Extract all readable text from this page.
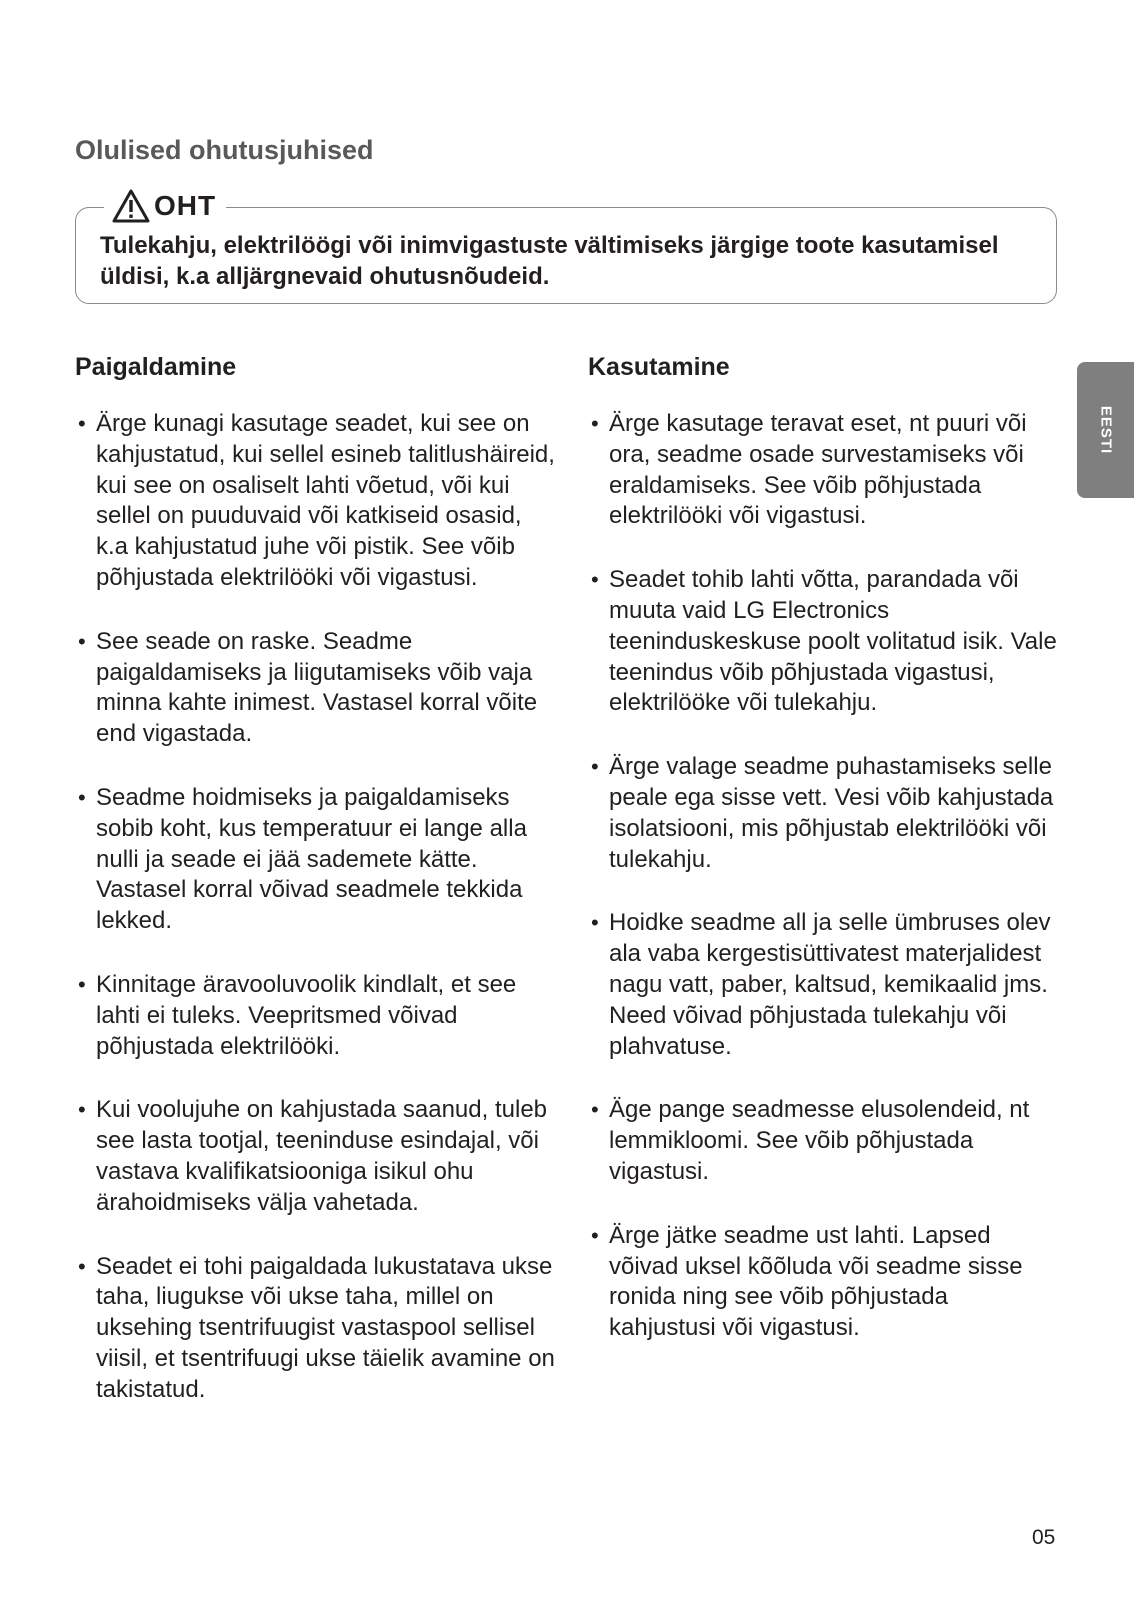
Olulised ohutusjuhised
OHT

Tulekahju, elektrilöögi või inimvigastuste vältimiseks järgige toote kasutamisel üldisi, k.a alljärgnevaid ohutusnõudeid.

Paigaldamine
• Ärge kunagi kasutage seadet, kui see on kahjustatud, kui sellel esineb talitlushäireid, kui see on osaliselt lahti võetud, või kui sellel on puuduvaid või katkiseid osasid, k.a kahjustatud juhe või pistik. See võib põhjustada elektrilööki või vigastusi.
• See seade on raske. Seadme paigaldamiseks ja liigutamiseks võib vaja minna kahte inimest. Vastasel korral võite end vigastada.
• Seadme hoidmiseks ja paigaldamiseks sobib koht, kus temperatuur ei lange alla nulli ja seade ei jää sademete kätte. Vastasel korral võivad seadmele tekkida lekked.
• Kinnitage äravooluvoolik kindlalt, et see lahti ei tuleks. Veepritsmed võivad põhjustada elektrilööki.
• Kui voolujuhe on kahjustada saanud, tuleb see lasta tootjal, teeninduse esindajal, või vastava kvalifikatsiooniga isikul ohu ärahoidmiseks välja vahetada.
• Seadet ei tohi paigaldada lukustatava ukse taha, liugukse või ukse taha, millel on uksehing tsentrifuugist vastaspool sellisel viisil, et tsentrifuugi ukse täielik avamine on takistatud.
Kasutamine
• Ärge kasutage teravat eset, nt puuri või ora, seadme osade survestamiseks või eraldamiseks. See võib põhjustada elektrilööki või vigastusi.
• Seadet tohib lahti võtta, parandada või muuta vaid LG Electronics teeninduskeskuse poolt volitatud isik. Vale teenindus võib põhjustada vigastusi, elektrilööke või tulekahju.
• Ärge valage seadme puhastamiseks selle peale ega sisse vett. Vesi võib kahjustada isolatsiooni, mis põhjustab elektrilööki või tulekahju.
• Hoidke seadme all ja selle ümbruses olev ala vaba kergestisüttivatest materjalidest nagu vatt, paber, kaltsud, kemikaalid jms. Need võivad põhjustada tulekahju või plahvatuse.
• Äge pange seadmesse elusolendeid, nt lemmikloomi. See võib põhjustada vigastusi.
• Ärge jätke seadme ust lahti. Lapsed võivad uksel kõõluda või seadme sisse ronida ning see võib põhjustada kahjustusi või vigastusi.
EESTI
05
